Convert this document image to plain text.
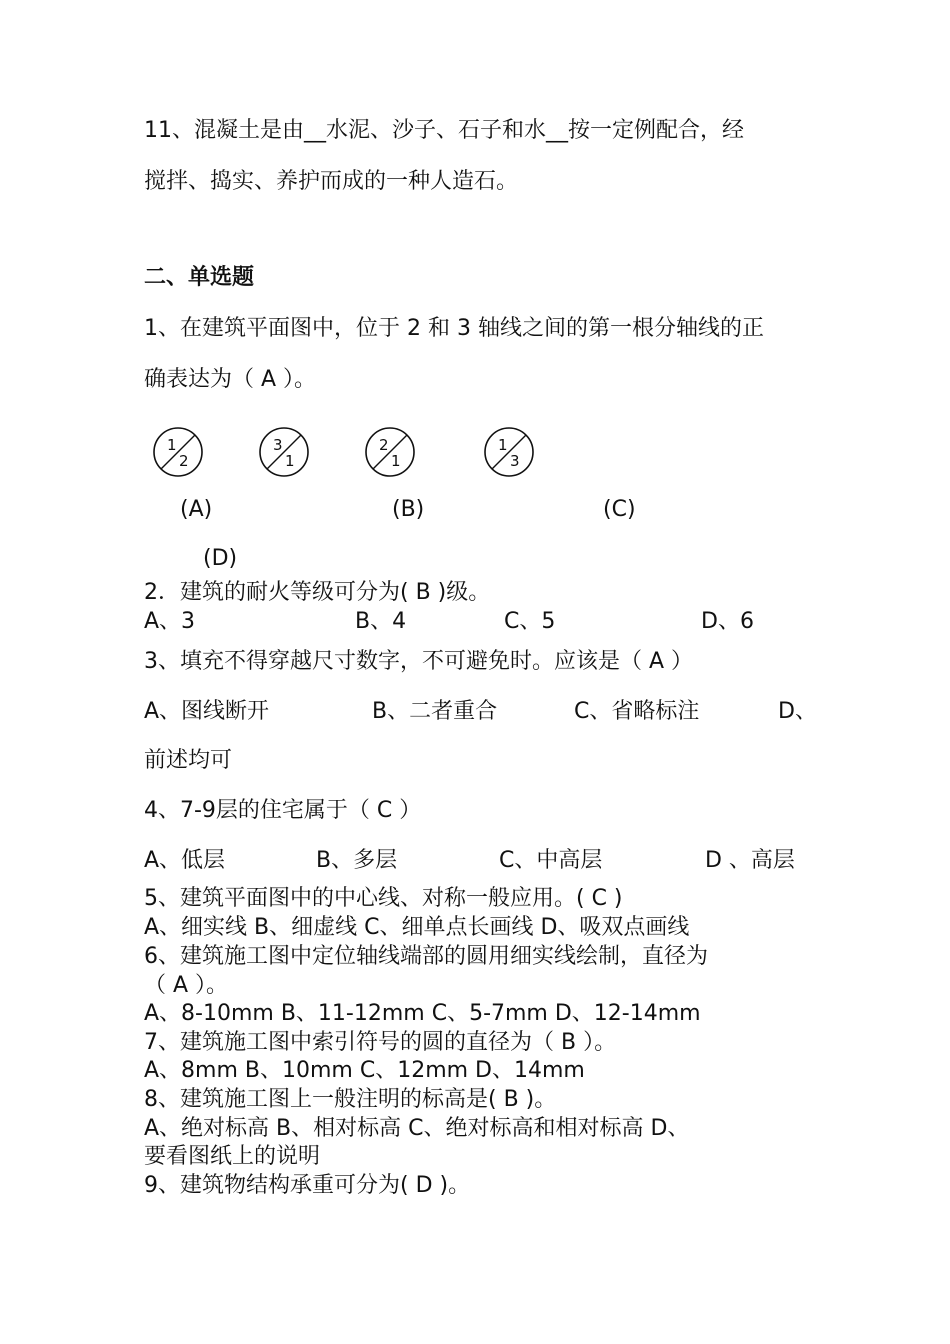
11、混凝土是由__水泥、沙子、石子和水__按一定例配合，经
搅拌、捣实、养护而成的一种人造石。
二、单选题
1、在建筑平面图中，位于 2 和 3 轴线之间的第一根分轴线的正
确表达为（ A ）。
1
2
3
1
2
1
1
3
(A)	(B)	(C)
(D)
2．建筑的耐火等级可分为( B )级。
A、3	B、4	C、5	D、6
3、填充不得穿越尺寸数字，不可避免时。应该是（ A ）
A、图线断开	B、二者重合	C、省略标注	D、
前述均可
4、7-9层的住宅属于（ C ）
A、低层	B、多层	C、中高层	D 、高层
5、建筑平面图中的中心线、对称一般应用。( C )
A、细实线 B、细虚线 C、细单点长画线 D、吸双点画线
6、建筑施工图中定位轴线端部的圆用细实线绘制，直径为
（ A ）。
A、8-10mm B、11-12mm C、5-7mm D、12-14mm
7、建筑施工图中索引符号的圆的直径为（ B ）。
A、8mm B、10mm C、12mm D、14mm
8、建筑施工图上一般注明的标高是( B )。
A、绝对标高 B、相对标高 C、绝对标高和相对标高 D、
要看图纸上的说明
9、建筑物结构承重可分为( D )。
